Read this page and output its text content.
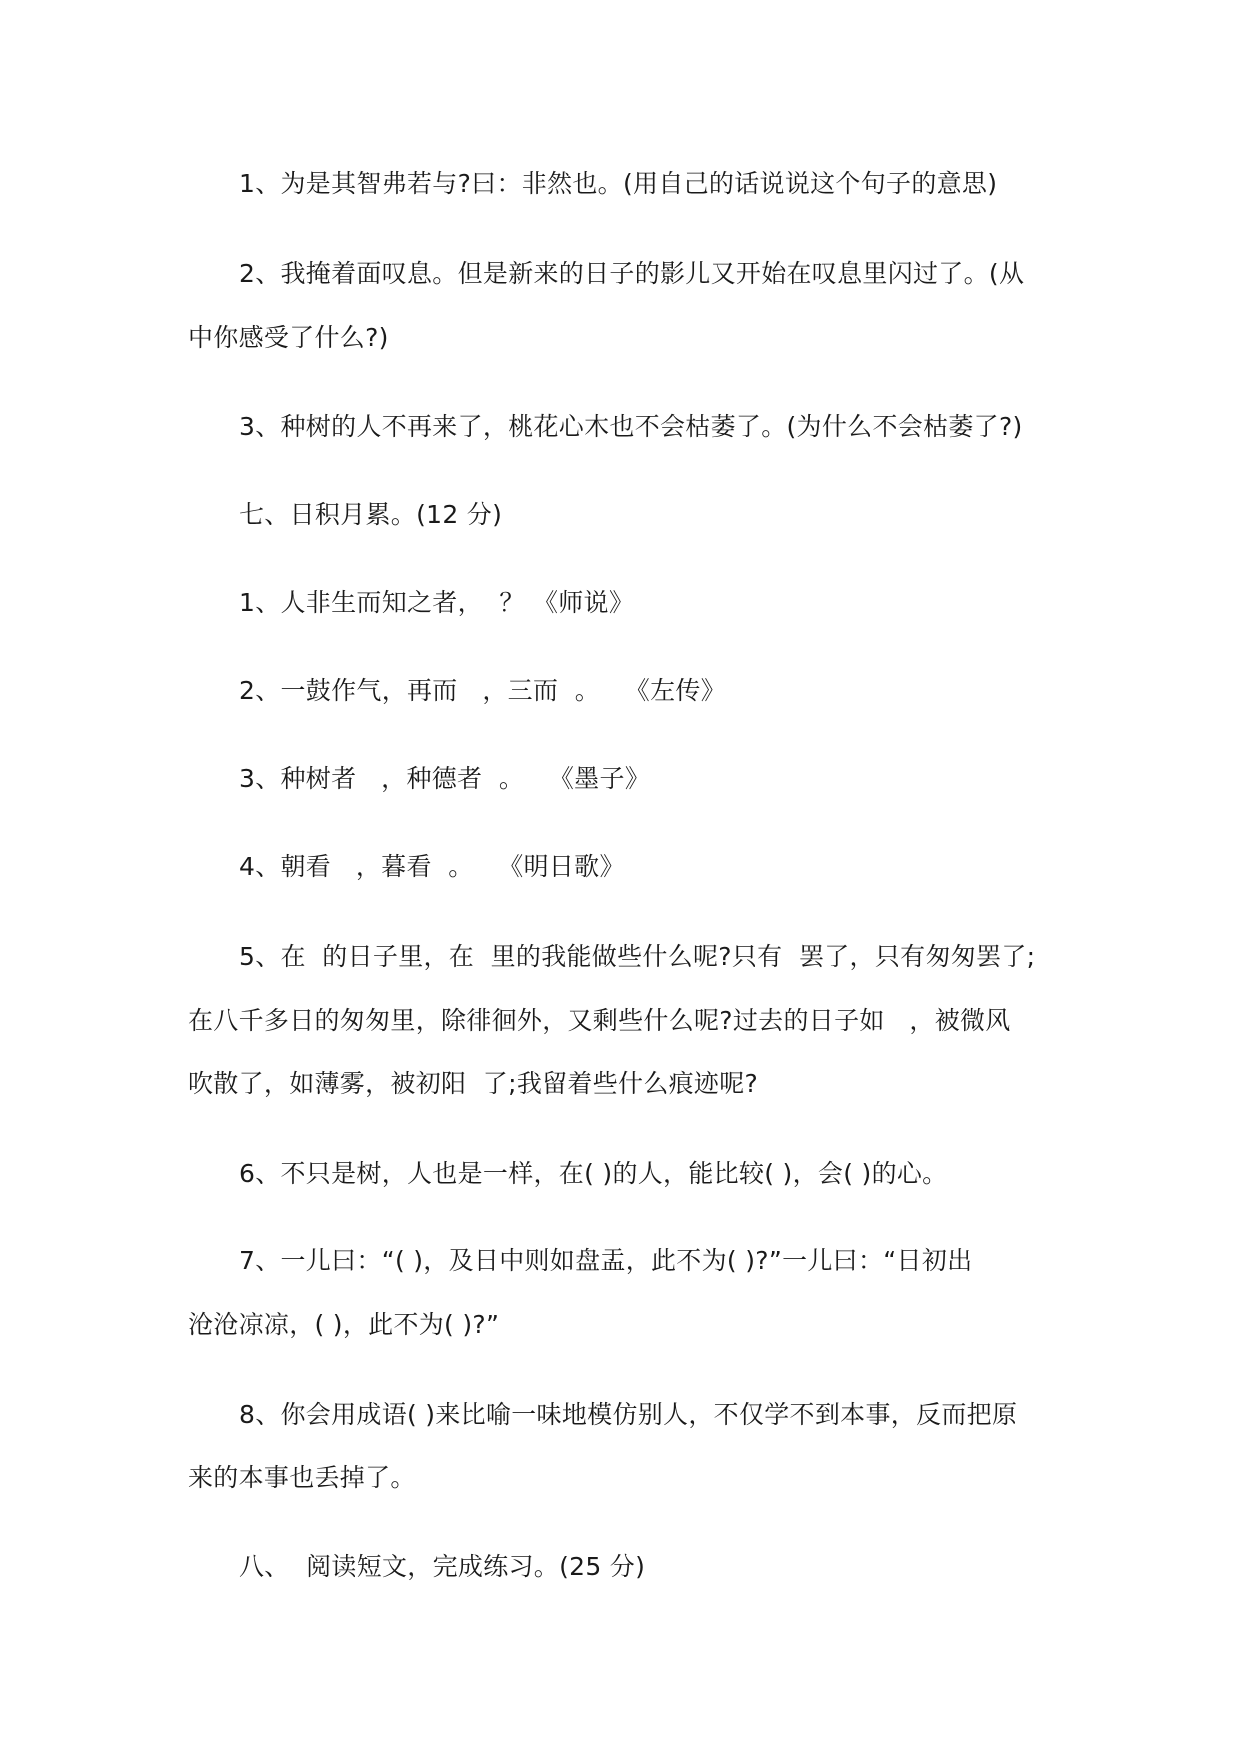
1、为是其智弗若与?曰：非然也。(用自己的话说说这个句子的意思)
2、我掩着面叹息。但是新来的日子的影儿又开始在叹息里闪过了。(从
中你感受了什么?)
3、种树的人不再来了，桃花心木也不会枯萎了。(为什么不会枯萎了?)
七、日积月累。(12 分)
1、人非生而知之者，  ？ 《师说》
2、一鼓作气，再而   ，三而  。   《左传》
3、种树者   ，种德者  。   《墨子》
4、朝看   ，暮看  。   《明日歌》
5、在  的日子里，在  里的我能做些什么呢?只有  罢了，只有匆匆罢了;
在八千多日的匆匆里，除徘徊外，又剩些什么呢?过去的日子如   ，被微风
吹散了，如薄雾，被初阳  了;我留着些什么痕迹呢?
6、不只是树，人也是一样，在( )的人，能比较( )，会( )的心。
7、一儿曰：“( )，及日中则如盘盂，此不为( )?”一儿曰：“日初出
沧沧凉凉，( )，此不为( )?”
8、你会用成语( )来比喻一味地模仿别人，不仅学不到本事，反而把原
来的本事也丢掉了。
八、  阅读短文，完成练习。(25 分)
